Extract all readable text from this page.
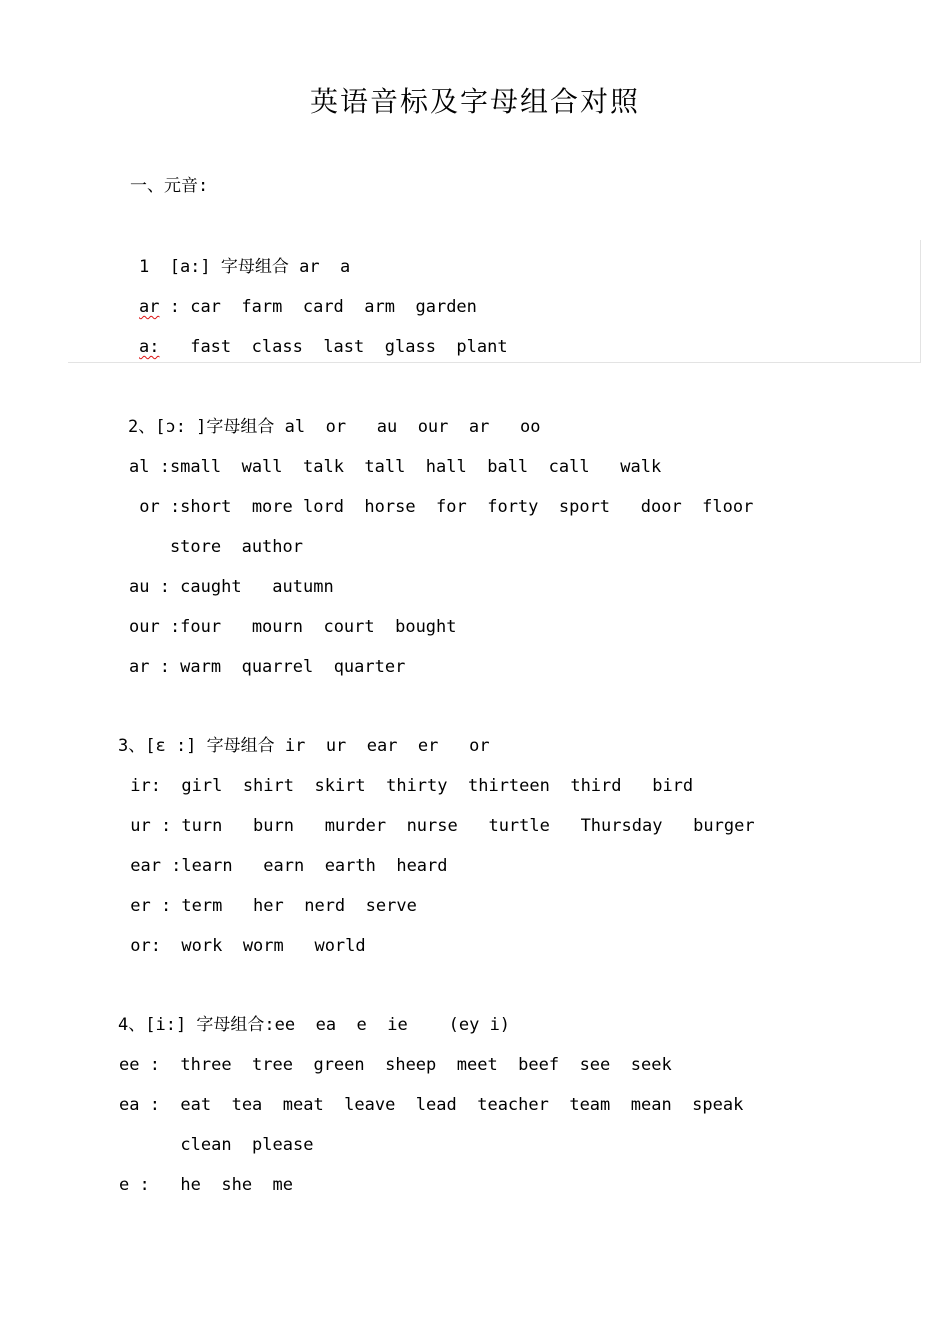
英语音标及字母组合对照
一、元音:
1  [a:] 字母组合 ar  a
ar : car farm card arm garden
a: fast class last glass plant
2、[ɔ: ]字母组合 al  or   au  our  ar   oo
al :small  wall  talk  tall  hall  ball  call   walk
or :short  more lord  horse  for  forty  sport   door  floor
store  author
au : caught   autumn
our :four   mourn  court  bought
ar : warm  quarrel  quarter
3、[ɛ :] 字母组合 ir  ur  ear  er   or
ir:  girl  shirt  skirt  thirty  thirteen  third   bird
ur : turn   burn   murder  nurse   turtle   Thursday   burger
ear :learn   earn  earth  heard
er : term   her  nerd  serve
or:  work  worm   world
4、[i:] 字母组合:ee  ea  e  ie    (ey i)
ee :  three  tree  green  sheep  meet  beef  see  seek
ea :  eat  tea  meat  leave  lead  teacher  team  mean  speak
clean  please
e :   he  she  me
